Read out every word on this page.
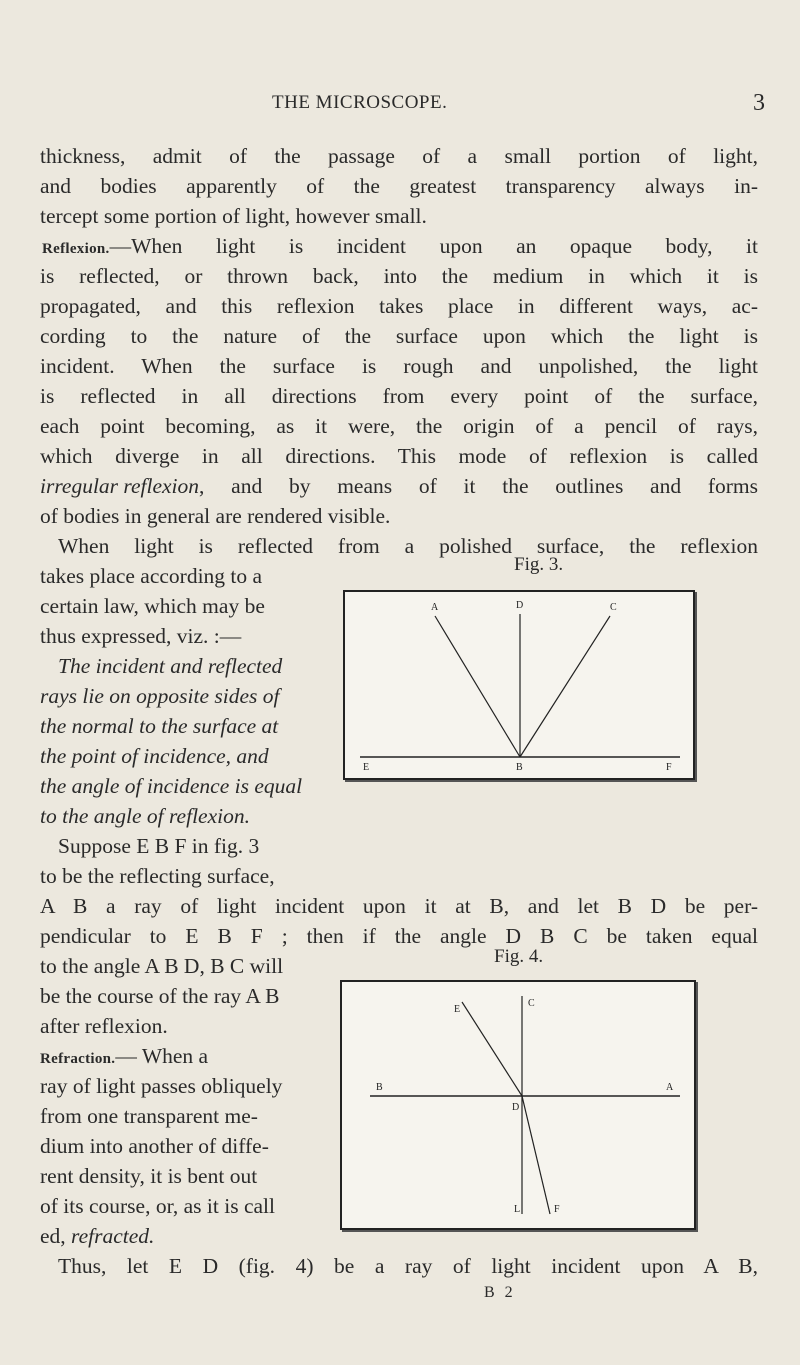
THE MICROSCOPE.	3
thickness, admit of the passage of a small portion of light,
and bodies apparently of the greatest transparency always in-
tercept some portion of light, however small.
Reflexion. —When light is incident upon an opaque body, it
is reflected, or thrown back, into the medium in which it is
propagated, and this reflexion takes place in different ways, ac-
cording to the nature of the surface upon which the light is
incident. When the surface is rough and unpolished, the light
is reflected in all directions from every point of the surface,
each point becoming, as it were, the origin of a pencil of rays,
which diverge in all directions. This mode of reflexion is called
irregular reflexion , and by means of it the outlines and forms
of bodies in general are rendered visible.
When light is reflected from a polished surface, the reflexion
takes place according to a
certain law, which may be
thus expressed, viz. :—
The incident and reflected
rays lie on opposite sides of
the normal to the surface at
the point of incidence, and
the angle of incidence is equal
to the angle of reflexion.
Suppose E B F in fig. 3
to be the reflecting surface,
Fig. 3.
A	D	C
E	B	F
A B a ray of light incident upon it at B, and let B D be per-
pendicular to E B F ; then if the angle D B C be taken equal
to the angle A B D, B C will
be the course of the ray A B
after reflexion.
Refraction.— When a
ray of light passes obliquely
from one transparent me-
dium into another of diffe-
rent density, it is bent out
of its course, or, as it is call
ed, refracted.
Fig. 4.
E
C
B	A
D
L	F
Thus, let E D (fig. 4) be a ray of light incident upon A B,
B 2
